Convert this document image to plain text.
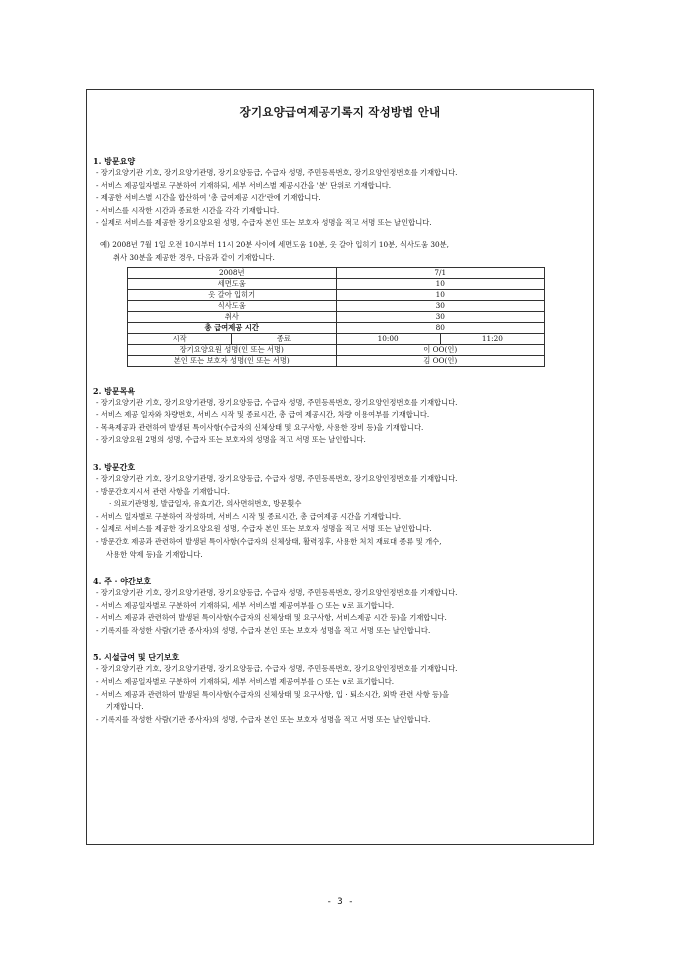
장기요양급여제공기록지 작성방법 안내
1. 방문요양
- 장기요양기관 기호, 장기요양기관명, 장기요양등급, 수급자 성명, 주민등록번호, 장기요양인정번호를 기재합니다.
- 서비스 제공일자별로 구분하여 기재하되, 세부 서비스별 제공시간을 '분' 단위로 기재합니다.
- 제공한 서비스별 시간을 합산하여 '총 급여제공 시간'란에 기재합니다.
- 서비스를 시작한 시간과 종료한 시간을 각각 기재합니다.
- 실제로 서비스를 제공한 장기요양요원 성명, 수급자 본인 또는 보호자 성명을 적고 서명 또는 날인합니다.
예) 2008년 7월 1일 오전 10시부터 11시 20분 사이에 세면도움 10분, 옷 갈아 입히기 10분, 식사도움 30분,
취사 30분을 제공한 경우, 다음과 같이 기재합니다.
2008년		7/1	
세면도움		10	
옷 갈아 입히기		10	
식사도움		30	
취사		30	
총 급여제공 시간		80	
시작	종료	10:00	11:20
장기요양요원 성명(인 또는 서명)		이 OO(인)	
본인 또는 보호자 성명(인 또는 서명)		김 OO(인)	
2. 방문목욕
- 장기요양기관 기호, 장기요양기관명, 장기요양등급, 수급자 성명, 주민등록번호, 장기요양인정번호를 기재합니다.
- 서비스 제공 일자와 차량번호, 서비스 시작 및 종료시간, 총 급여 제공시간, 차량 이용여부를 기재합니다.
- 목욕제공과 관련하여 발생된 특이사항(수급자의 신체상태 및 요구사항, 사용한 장비 등)을 기재합니다.
- 장기요양요원 2명의 성명, 수급자 또는 보호자의 성명을 적고 서명 또는 날인합니다.
3. 방문간호
- 장기요양기관 기호, 장기요양기관명, 장기요양등급, 수급자 성명, 주민등록번호, 장기요양인정번호를 기재합니다.
- 방문간호지시서 관련 사항을 기재합니다.
· 의료기관명칭, 발급일자, 유효기간, 의사면허번호, 방문횟수
- 서비스 일자별로 구분하여 작성하며, 서비스 시작 및 종료시간, 총 급여제공 시간을 기재합니다.
- 실제로 서비스를 제공한 장기요양요원 성명, 수급자 본인 또는 보호자 성명을 적고 서명 또는 날인합니다.
- 방문간호 제공과 관련하여 발생된 특이사항(수급자의 신체상태, 활력징후, 사용한 처치 재료대 종류 및 개수,
사용한 약제 등)을 기재합니다.
4. 주 · 야간보호
- 장기요양기관 기호, 장기요양기관명, 장기요양등급, 수급자 성명, 주민등록번호, 장기요양인정번호를 기재합니다.
- 서비스 제공일자별로 구분하여 기재하되, 세부 서비스별 제공여부를 ○ 또는 ∨로 표기합니다.
- 서비스 제공과 관련하여 발생된 특이사항(수급자의 신체상태 및 요구사항, 서비스제공 시간 등)을 기재합니다.
- 기록지를 작성한 사람(기관 종사자)의 성명, 수급자 본인 또는 보호자 성명을 적고 서명 또는 날인합니다.
5. 시설급여 및 단기보호
- 장기요양기관 기호, 장기요양기관명, 장기요양등급, 수급자 성명, 주민등록번호, 장기요양인정번호를 기재합니다.
- 서비스 제공일자별로 구분하여 기재하되, 세부 서비스별 제공여부를 ○ 또는 ∨로 표기합니다.
- 서비스 제공과 관련하여 발생된 특이사항(수급자의 신체상태 및 요구사항, 입 · 퇴소시간, 외박 관련 사항 등)을
기재합니다.
- 기록지를 작성한 사람(기관 종사자)의 성명, 수급자 본인 또는 보호자 성명을 적고 서명 또는 날인합니다.
- 3 -
